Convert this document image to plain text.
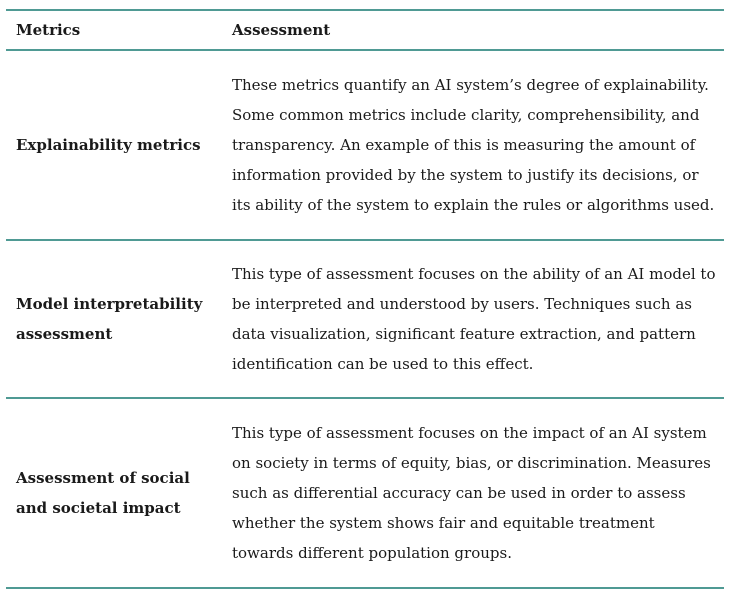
Metrics	Assessment
Explainability metrics	These metrics quantify an AI system’s degree of explainability. Some common metrics include clarity, comprehensibility, and transparency. An example of this is measuring the amount of information provided by the system to justify its decisions, or its ability of the system to explain the rules or algorithms used.
Model interpretability assessment	This type of assessment focuses on the ability of an AI model to be interpreted and understood by users. Techniques such as data visualization, significant feature extraction, and pattern identification can be used to this effect.
Assessment of social and societal impact	This type of assessment focuses on the impact of an AI system on society in terms of equity, bias, or discrimination. Measures such as differential accuracy can be used in order to assess whether the system shows fair and equitable treatment towards different population groups.
